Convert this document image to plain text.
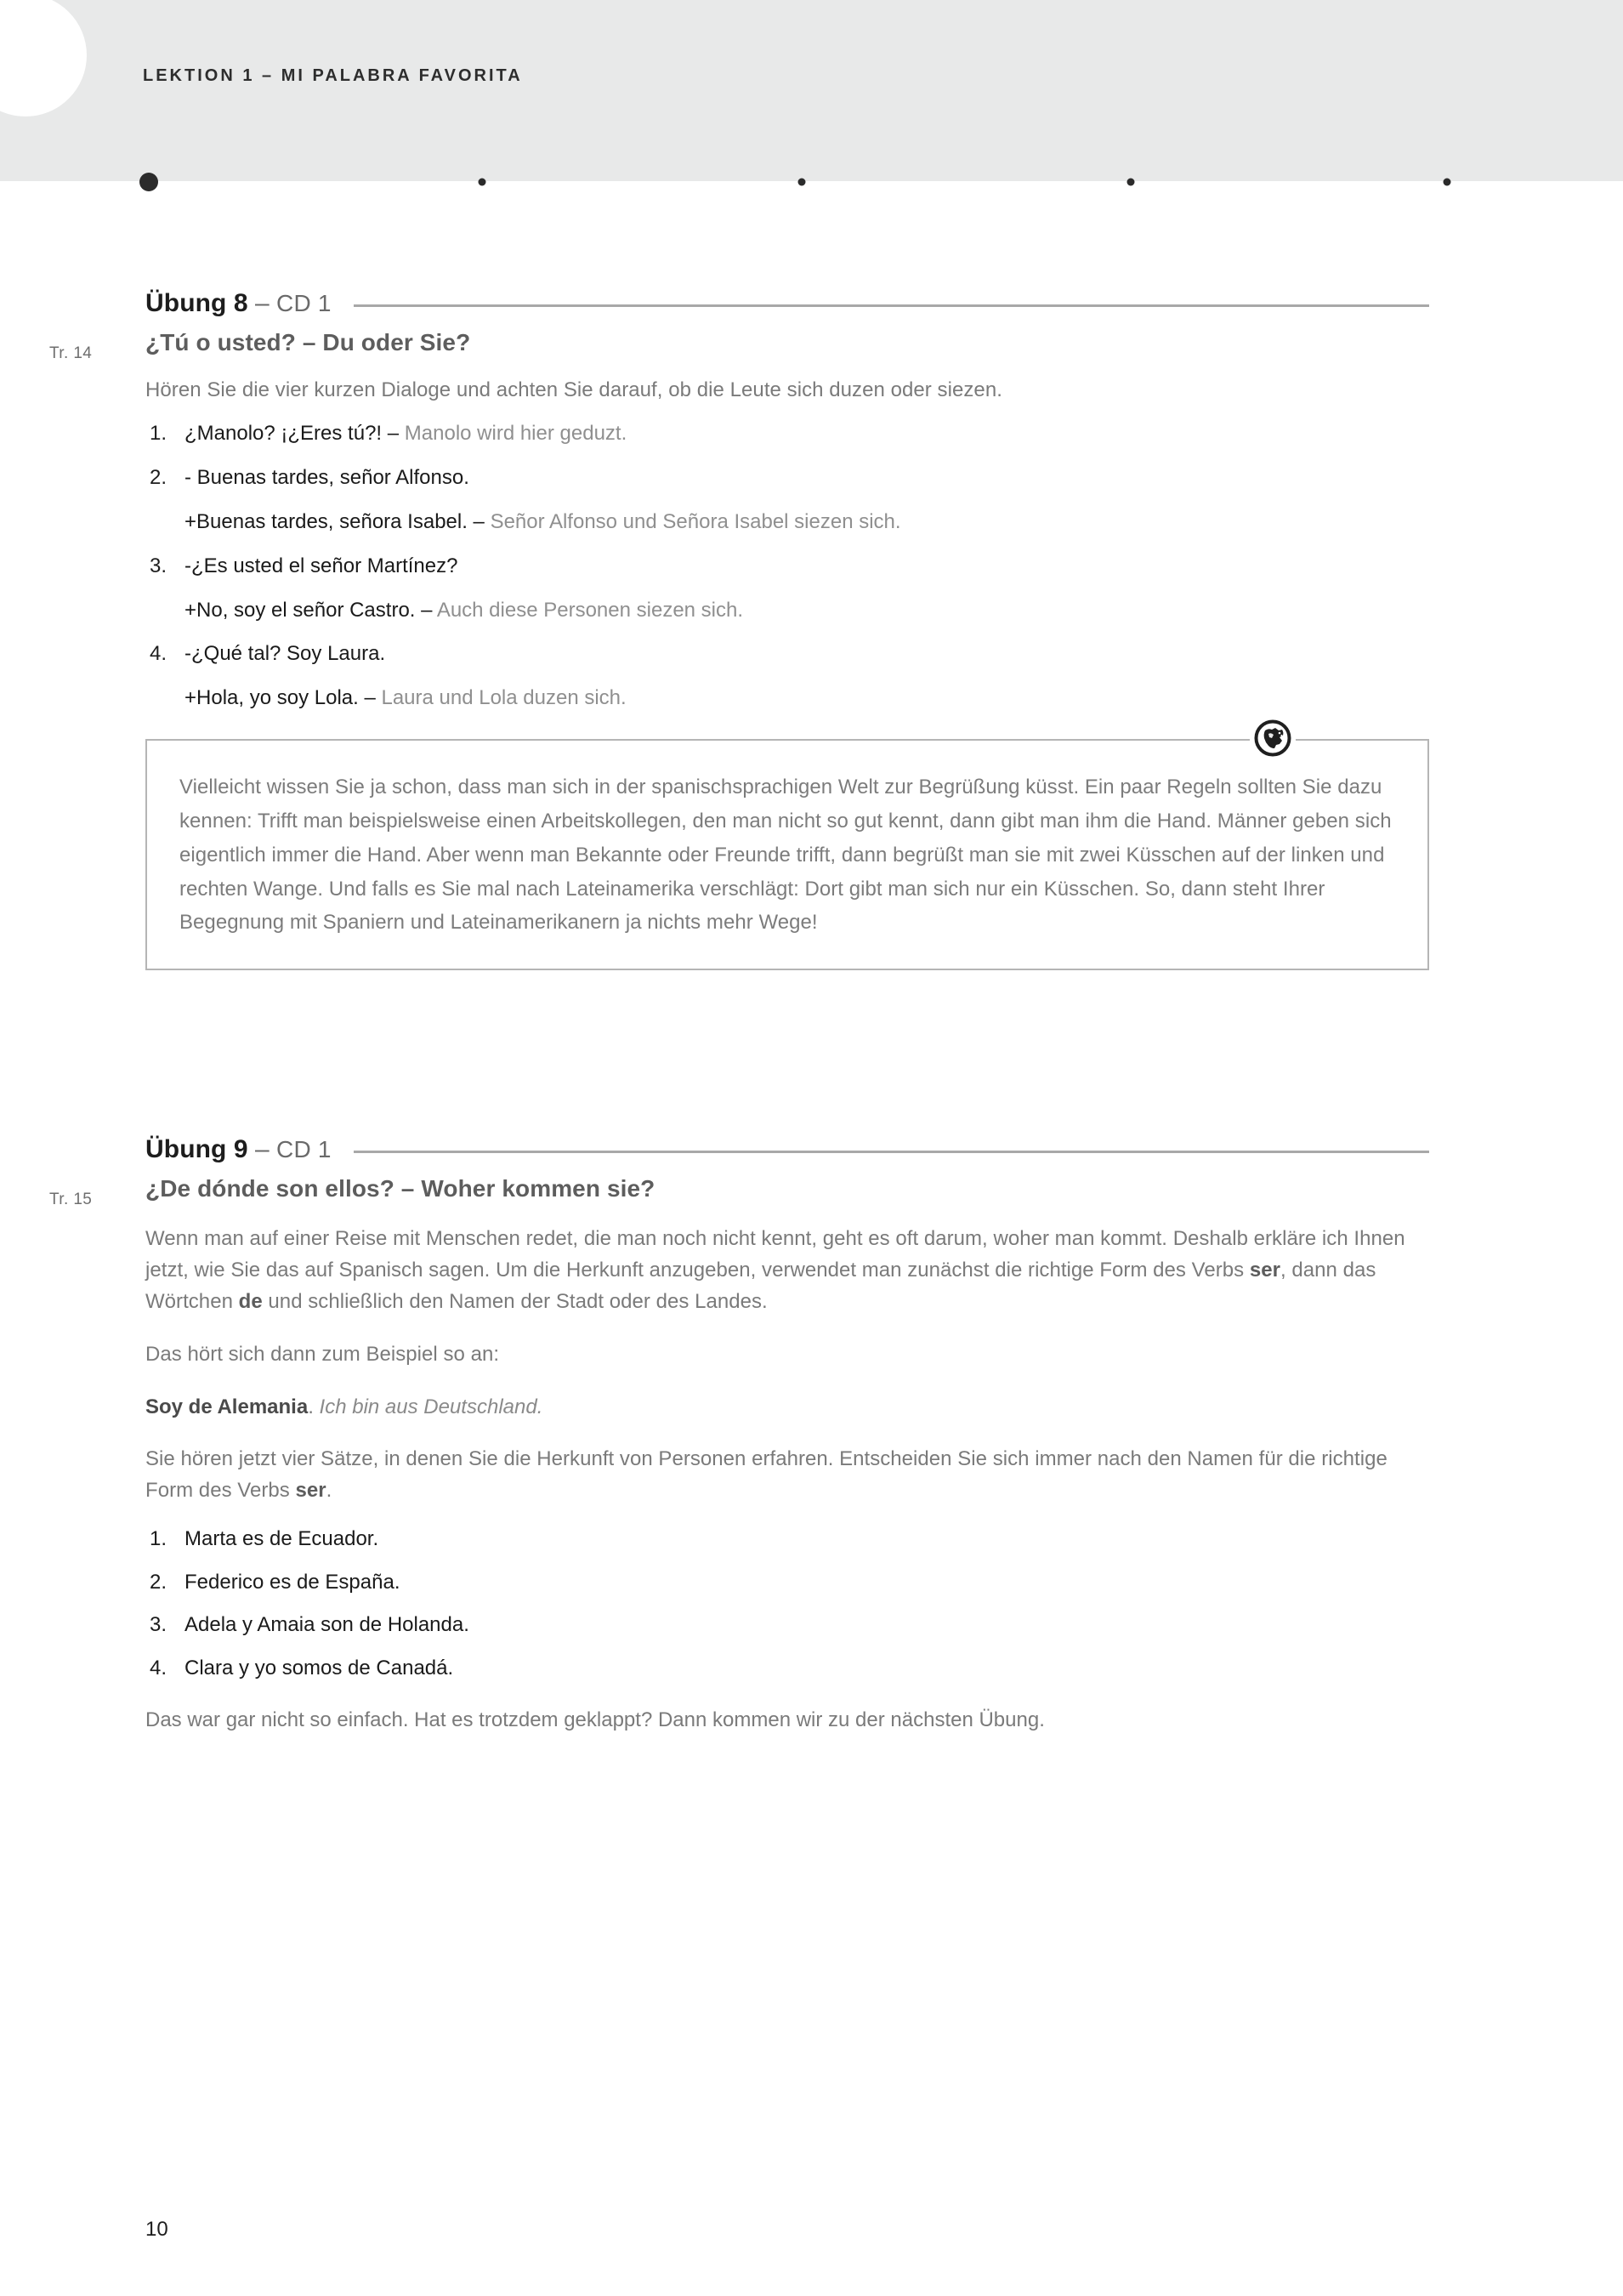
LEKTION 1 – MI PALABRA FAVORITA
Tr. 14
Übung 8 – CD 1
¿Tú o usted? – Du oder Sie?
Hören Sie die vier kurzen Dialoge und achten Sie darauf, ob die Leute sich duzen oder siezen.
1. ¿Manolo? ¡¿Eres tú?! – Manolo wird hier geduzt.
2. - Buenas tardes, señor Alfonso.
+Buenas tardes, señora Isabel. – Señor Alfonso und Señora Isabel siezen sich.
3. -¿Es usted el señor Martínez?
+No, soy el señor Castro. – Auch diese Personen siezen sich.
4. -¿Qué tal? Soy Laura.
+Hola, yo soy Lola. – Laura und Lola duzen sich.

Vielleicht wissen Sie ja schon, dass man sich in der spanischsprachigen Welt zur Begrüßung küsst. Ein paar Regeln sollten Sie dazu kennen: Trifft man beispielsweise einen Arbeitskollegen, den man nicht so gut kennt, dann gibt man ihm die Hand. Männer geben sich eigentlich immer die Hand. Aber wenn man Bekannte oder Freunde trifft, dann begrüßt man sie mit zwei Küsschen auf der linken und rechten Wange. Und falls es Sie mal nach Lateinamerika verschlägt: Dort gibt man sich nur ein Küsschen. So, dann steht Ihrer Begegnung mit Spaniern und Lateinamerikanern ja nichts mehr Wege!

Tr. 15
Übung 9 – CD 1
¿De dónde son ellos? – Woher kommen sie?
Wenn man auf einer Reise mit Menschen redet, die man noch nicht kennt, geht es oft darum, woher man kommt. Deshalb erkläre ich Ihnen jetzt, wie Sie das auf Spanisch sagen. Um die Herkunft anzugeben, verwendet man zunächst die richtige Form des Verbs ser, dann das Wörtchen de und schließlich den Namen der Stadt oder des Landes.
Das hört sich dann zum Beispiel so an:
Soy de Alemania. Ich bin aus Deutschland.
Sie hören jetzt vier Sätze, in denen Sie die Herkunft von Personen erfahren. Entscheiden Sie sich immer nach den Namen für die richtige Form des Verbs ser.
1. Marta es de Ecuador.
2. Federico es de España.
3. Adela y Amaia son de Holanda.
4. Clara y yo somos de Canadá.
Das war gar nicht so einfach. Hat es trotzdem geklappt? Dann kommen wir zu der nächsten Übung.
10
